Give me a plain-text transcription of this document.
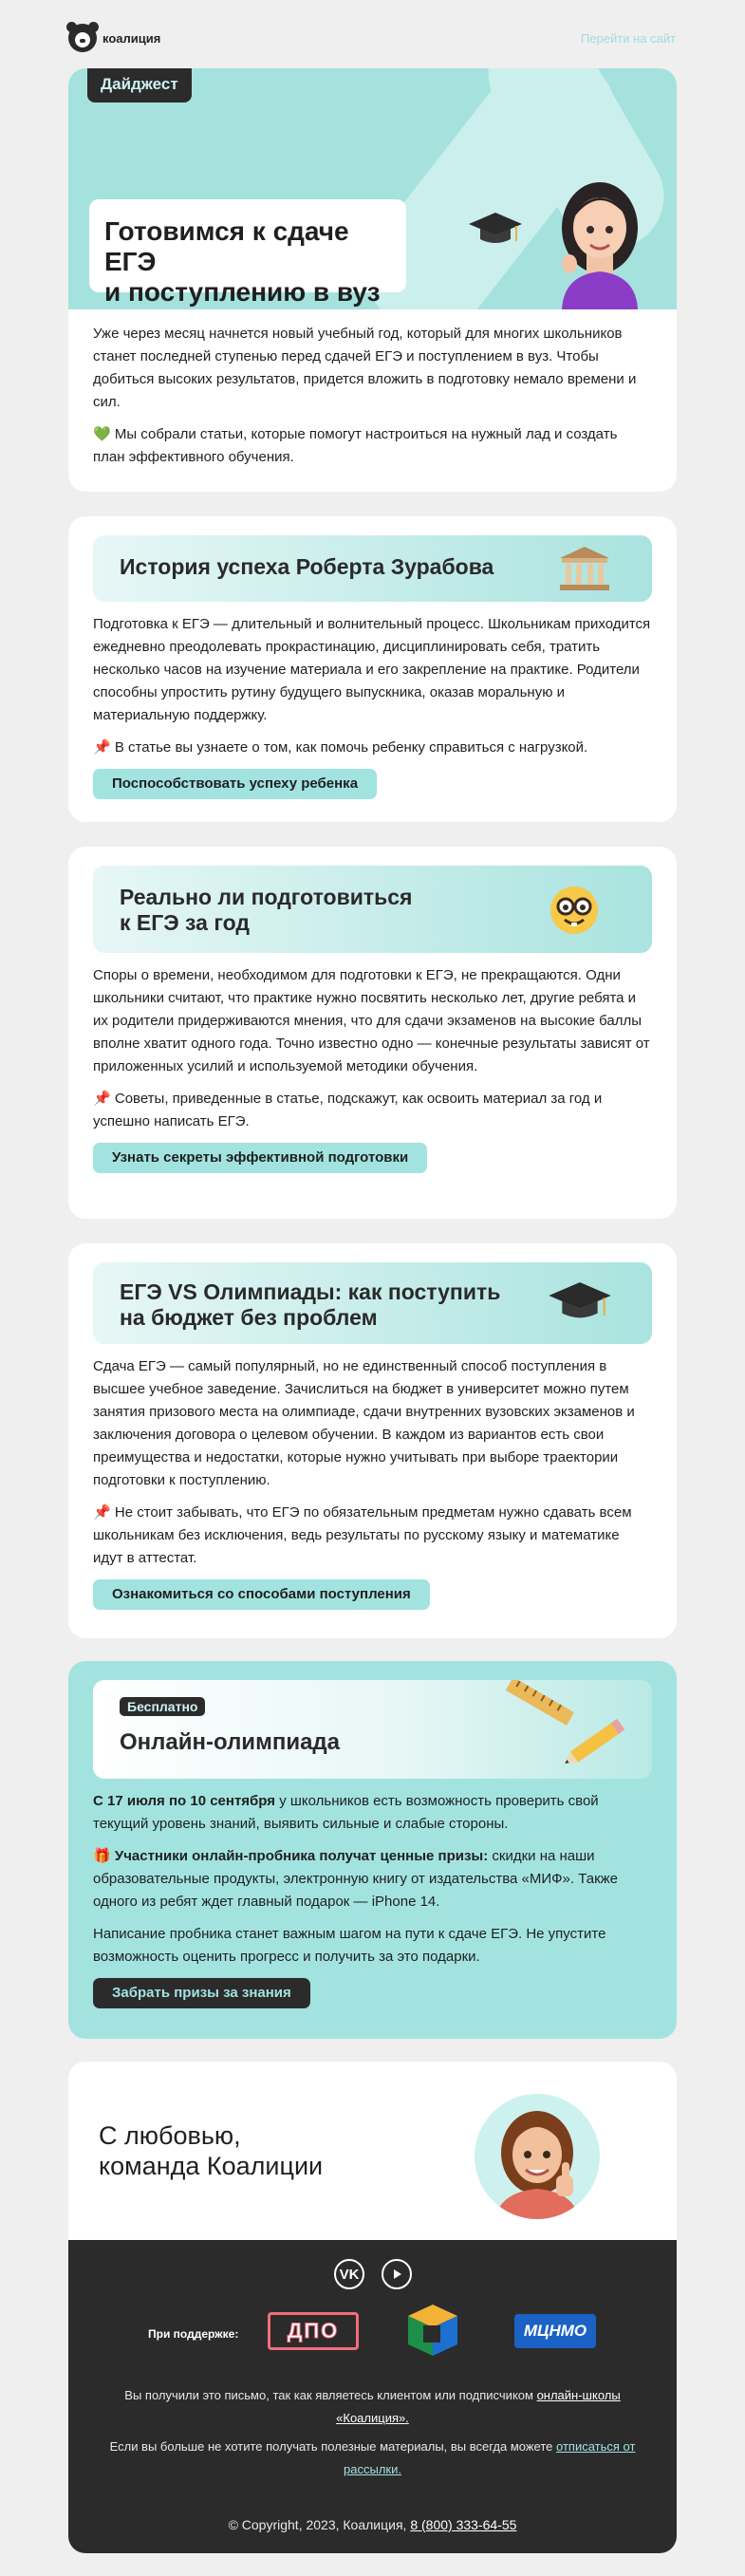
коалиция	Перейти на сайт
Дайджест
Готовимся к сдаче ЕГЭ
и поступлению в вуз

Уже через месяц начнется новый учебный год, который для многих школьников станет последней ступенью перед сдачей ЕГЭ и поступлением в вуз. Чтобы добиться высоких результатов, придется вложить в подготовку немало времени и сил.

💚 Мы собрали статьи, которые помогут настроиться на нужный лад и создать план эффективного обучения.

История успеха Роберта Зурабова

Подготовка к ЕГЭ — длительный и волнительный процесс. Школьникам приходится ежедневно преодолевать прокрастинацию, дисциплинировать себя, тратить несколько часов на изучение материала и его закрепление на практике. Родители способны упростить рутину будущего выпускника, оказав моральную и материальную поддержку.

📌 В статье вы узнаете о том, как помочь ребенку справиться с нагрузкой.

Поспособствовать успеху ребенка
Реально ли подготовиться
к ЕГЭ за год

Споры о времени, необходимом для подготовки к ЕГЭ, не прекращаются. Одни школьники считают, что практике нужно посвятить несколько лет, другие ребята и их родители придерживаются мнения, что для сдачи экзаменов на высокие баллы вполне хватит одного года. Точно известно одно — конечные результаты зависят от приложенных усилий и используемой методики обучения.

📌 Советы, приведенные в статье, подскажут, как освоить материал за год и успешно написать ЕГЭ.

Узнать секреты эффективной подготовки
ЕГЭ VS Олимпиады: как поступить
на бюджет без проблем

Сдача ЕГЭ — самый популярный, но не единственный способ поступления в высшее учебное заведение. Зачислиться на бюджет в университет можно путем занятия призового места на олимпиаде, сдачи внутренних вузовских экзаменов и заключения договора о целевом обучении. В каждом из вариантов есть свои преимущества и недостатки, которые нужно учитывать при выборе траектории подготовки к поступлению.

📌 Не стоит забывать, что ЕГЭ по обязательным предметам нужно сдавать всем школьникам без исключения, ведь результаты по русскому языку и математике идут в аттестат.

Ознакомиться со способами поступления
Бесплатно
Онлайн-олимпиада

С 17 июля по 10 сентября у школьников есть возможность проверить свой текущий уровень знаний, выявить сильные и слабые стороны.

🎁 Участники онлайн-пробника получат ценные призы: скидки на наши образовательные продукты, электронную книгу от издательства «МИФ». Также одного из ребят ждет главный подарок — iPhone 14.

Написание пробника станет важным шагом на пути к сдаче ЕГЭ. Не упустите возможность оценить прогресс и получить за это подарки.

Забрать призы за знания
С любовью,
команда Коалиции
VK
При поддержке: ДПО	МЦНМО
Вы получили это письмо, так как являетесь клиентом или подписчиком онлайн-школы «Коалиция».
Если вы больше не хотите получать полезные материалы, вы всегда можете отписаться от рассылки.
© Copyright, 2023, Коалиция, 8 (800) 333-64-55
